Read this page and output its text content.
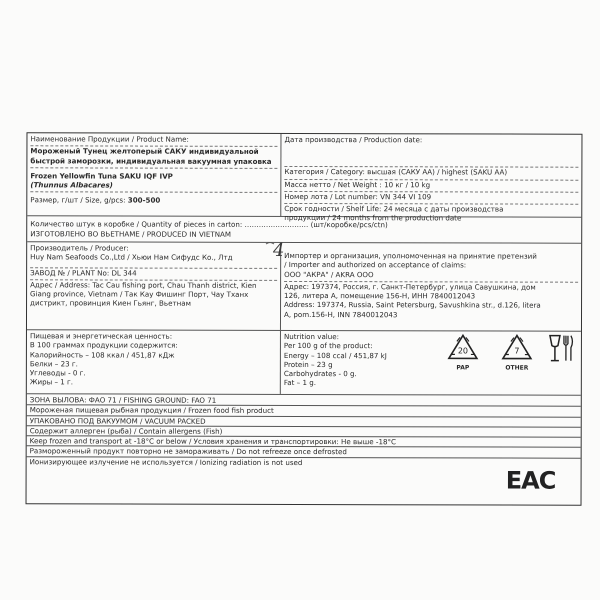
Наименование Продукции / Product Name:
Мороженый Тунец желтоперый САКУ индивидуальной
быстрой заморозки, индивидуальная вакуумная упаковка
Frozen Yellowfin Tuna SAKU IQF IVP
(Thunnus Albacares)
Размер, г/шт / Size, g/pcs: 300-500
Дата производства / Production date:
Категория / Category: высшая (САКУ АА) / highest (SAKU AA)
Масса нетто / Net Weight : 10 кг / 10 kg
Номер лота / Lot number: VN 344 VI 109
Срок годности / Shelf Life: 24 месяца с даты производства
продукции / 24 months from the production date
Количество штук в коробке / Quantity of pieces in carton: ……………………… (шт/коробке/pcs/ctn)
ИЗГОТОВЛЕНО ВО ВЬЕТНАМЕ / PRODUCED IN VIETNAM
Производитель / Producer:
Huy Nam Seafoods Co.,Ltd / Хьюи Нам Сифудс Ко., Лтд
ЗАВОД № / PLANT No: DL 344
Адрес / Address: Tac Cau fishing port, Chau Thanh district, Kien
Giang province, Vietnam / Так Кау Фишинг Порт, Чау Тханх
дистрикт, провинция Киен Гьянг, Вьетнам
Импортер и организация, уполномоченная на принятие претензий
/ Importer and authorized on acceptance of claims:
ООО "АКРА" / AKRA OOO
Адрес: 197374, Россия, г. Санкт-Петербург, улица Савушкина, дом
126, литера А, помещение 156-Н, ИНН 7840012043
Address: 197374, Russia, Saint Petersburg, Savushkina str., d.126, litera
A, pom.156-H, INN 7840012043
Пищевая и энергетическая ценность:
В 100 граммах продукции содержится:
Калорийность – 108 ккал / 451,87 кДж
Белки – 23 г.
Углеводы - 0 г.
Жиры – 1 г.
Nutrition value:
Per 100 g of the product:
Energy – 108 ccal / 451,87 kJ
Protein – 23 g
Carbohydrates - 0 g.
Fat – 1 g.
20
PAP
7
OTHER
ЗОНА ВЫЛОВА: ФАО 71 / FISHING GROUND: FAO 71
Мороженая пищевая рыбная продукция / Frozen food fish product
УПАКОВАНО ПОД ВАКУУМОМ / VACUUM PACKED
Содержит аллерген (рыба) / Contain allergens (Fish)
Keep frozen and transport at -18°C or below / Условия хранения и транспортировки: Не выше -18°C
Размороженный продукт повторно не замораживать / Do not refreeze once defrosted
Ионизирующее излучение не используется / Ionizing radiation is not used
EAC
4
